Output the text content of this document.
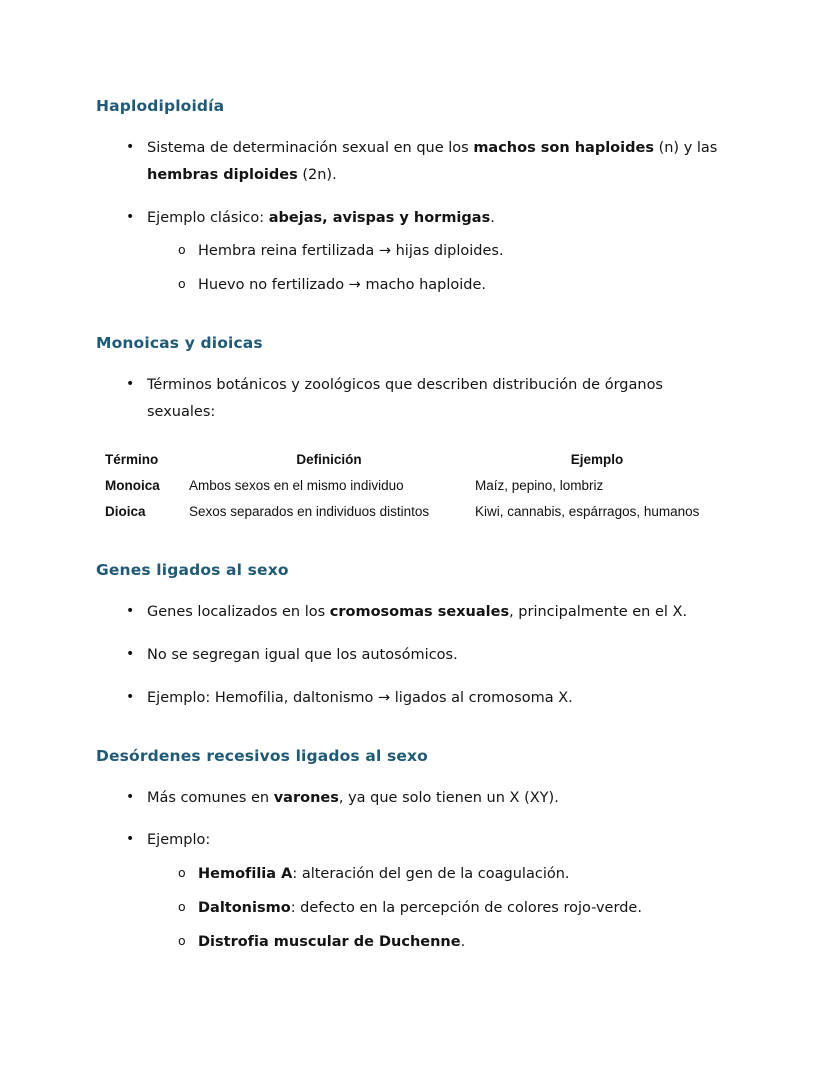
Haplodiploidía
• Sistema de determinación sexual en que los machos son haploides (n) y las hembras diploides (2n).
• Ejemplo clásico: abejas, avispas y hormigas.
o Hembra reina fertilizada → hijas diploides.
o Huevo no fertilizado → macho haploide.
Monoicas y dioicas
• Términos botánicos y zoológicos que describen distribución de órganos sexuales:
Término	Definición	Ejemplo
Monoica	Ambos sexos en el mismo individuo	Maíz, pepino, lombriz
Dioica	Sexos separados en individuos distintos	Kiwi, cannabis, espárragos, humanos
Genes ligados al sexo
• Genes localizados en los cromosomas sexuales, principalmente en el X.
• No se segregan igual que los autosómicos.
• Ejemplo: Hemofilia, daltonismo → ligados al cromosoma X.
Desórdenes recesivos ligados al sexo
• Más comunes en varones, ya que solo tienen un X (XY).
• Ejemplo:
o Hemofilia A: alteración del gen de la coagulación.
o Daltonismo: defecto en la percepción de colores rojo-verde.
o Distrofia muscular de Duchenne.
